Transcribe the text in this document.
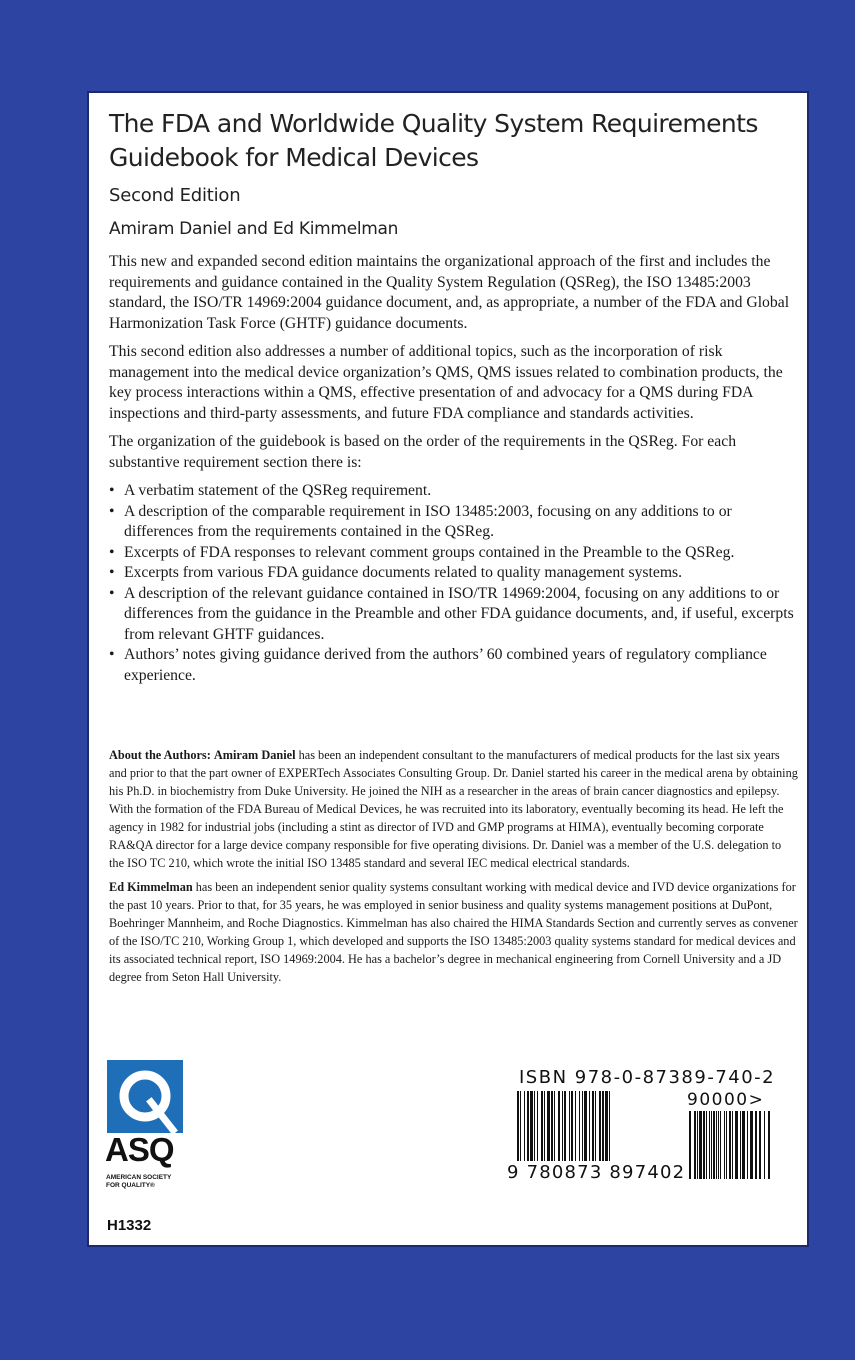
The FDA and Worldwide Quality System Requirements Guidebook for Medical Devices
Second Edition
Amiram Daniel and Ed Kimmelman

This new and expanded second edition maintains the organizational approach of the first and includes the requirements and guidance contained in the Quality System Regulation (QSReg), the ISO 13485:2003 standard, the ISO/TR 14969:2004 guidance document, and, as appropriate, a number of the FDA and Global Harmonization Task Force (GHTF) guidance documents.

This second edition also addresses a number of additional topics, such as the incorporation of risk management into the medical device organization’s QMS, QMS issues related to combination products, the key process interactions within a QMS, effective presentation of and advocacy for a QMS during FDA inspections and third-party assessments, and future FDA compliance and standards activities.

The organization of the guidebook is based on the order of the requirements in the QSReg. For each substantive requirement section there is:

• A verbatim statement of the QSReg requirement.
• A description of the comparable requirement in ISO 13485:2003, focusing on any additions to or differences from the requirements contained in the QSReg.
• Excerpts of FDA responses to relevant comment groups contained in the Preamble to the QSReg.
• Excerpts from various FDA guidance documents related to quality management systems.
• A description of the relevant guidance contained in ISO/TR 14969:2004, focusing on any additions to or differences from the guidance in the Preamble and other FDA guidance documents, and, if useful, excerpts from relevant GHTF guidances.
• Authors’ notes giving guidance derived from the authors’ 60 combined years of regulatory compliance experience.

About the Authors: Amiram Daniel has been an independent consultant to the manufacturers of medical products for the last six years and prior to that the part owner of EXPERTech Associates Consulting Group. Dr. Daniel started his career in the medical arena by obtaining his Ph.D. in biochemistry from Duke University. He joined the NIH as a researcher in the areas of brain cancer diagnostics and epilepsy. With the formation of the FDA Bureau of Medical Devices, he was recruited into its laboratory, eventually becoming its head. He left the agency in 1982 for industrial jobs (including a stint as director of IVD and GMP programs at HIMA), eventually becoming corporate RA&QA director for a large device company responsible for five operating divisions. Dr. Daniel was a member of the U.S. delegation to the ISO TC 210, which wrote the initial ISO 13485 standard and several IEC medical electrical standards.

Ed Kimmelman has been an independent senior quality systems consultant working with medical device and IVD device organizations for the past 10 years. Prior to that, for 35 years, he was employed in senior business and quality systems management positions at DuPont, Boehringer Mannheim, and Roche Diagnostics. Kimmelman has also chaired the HIMA Standards Section and currently serves as convener of the ISO/TC 210, Working Group 1, which developed and supports the ISO 13485:2003 quality systems standard for medical devices and its associated technical report, ISO 14969:2004. He has a bachelor’s degree in mechanical engineering from Cornell University and a JD degree from Seton Hall University.

ASQ
AMERICAN SOCIETY
FOR QUALITY®
H1332
ISBN 978-0-87389-740-2
90000>
9 780873 897402
